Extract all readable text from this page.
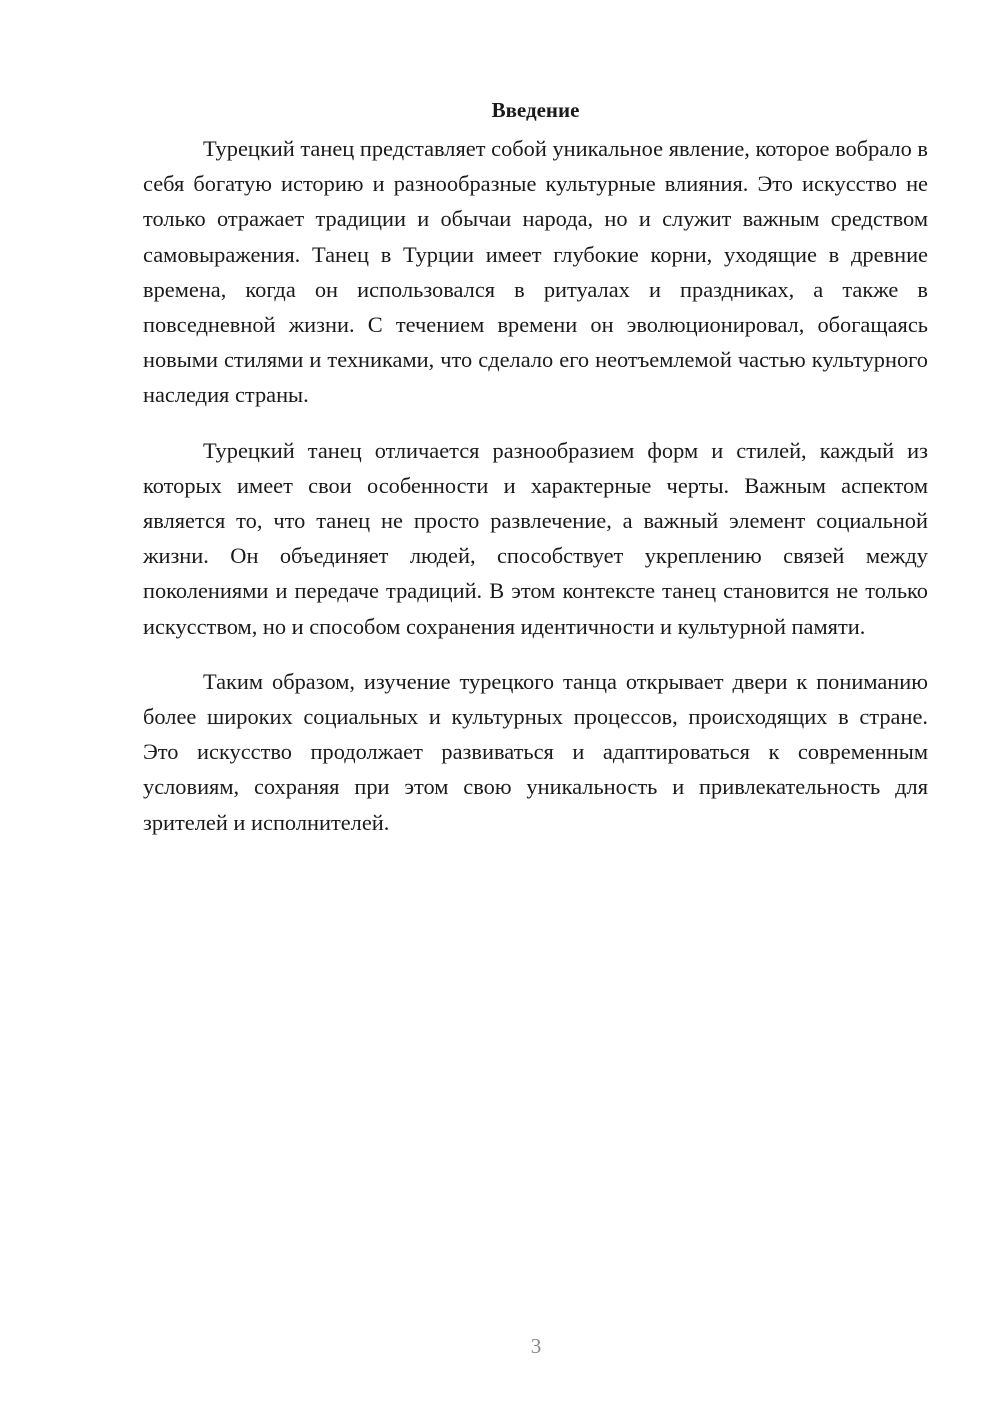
Введение

Турецкий танец представляет собой уникальное явление, которое вобрало в себя богатую историю и разнообразные культурные влияния. Это искусство не только отражает традиции и обычаи народа, но и служит важным средством самовыражения. Танец в Турции имеет глубокие корни, уходящие в древние времена, когда он использовался в ритуалах и праздниках, а также в повседневной жизни. С течением времени он эволюционировал, обогащаясь новыми стилями и техниками, что сделало его неотъемлемой частью культурного наследия страны.

Турецкий танец отличается разнообразием форм и стилей, каждый из которых имеет свои особенности и характерные черты. Важным аспектом является то, что танец не просто развлечение, а важный элемент социальной жизни. Он объединяет людей, способствует укреплению связей между поколениями и передаче традиций. В этом контексте танец становится не только искусством, но и способом сохранения идентичности и культурной памяти.

Таким образом, изучение турецкого танца открывает двери к пониманию более широких социальных и культурных процессов, происходящих в стране. Это искусство продолжает развиваться и адаптироваться к современным условиям, сохраняя при этом свою уникальность и привлекательность для зрителей и исполнителей.

3
